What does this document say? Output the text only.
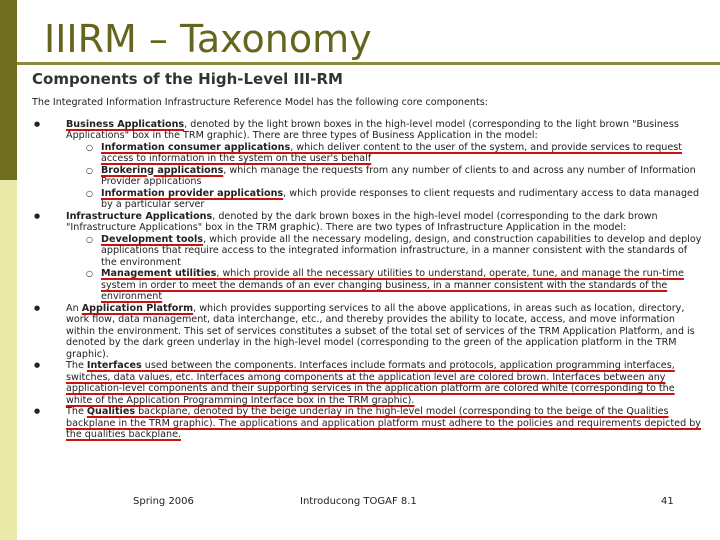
IIIRM – Taxonomy
Components of the High-Level III-RM
The Integrated Information Infrastructure Reference Model has the following core components:
● Business Applications, denoted by the light brown boxes in the high-level model (corresponding to the light brown "Business Applications" box in the TRM graphic). There are three types of Business Application in the model:
○ Information consumer applications, which deliver content to the user of the system, and provide services to request access to information in the system on the user's behalf
○ Brokering applications, which manage the requests from any number of clients to and across any number of Information Provider applications
○ Information provider applications, which provide responses to client requests and rudimentary access to data managed by a particular server
● Infrastructure Applications, denoted by the dark brown boxes in the high-level model (corresponding to the dark brown "Infrastructure Applications" box in the TRM graphic). There are two types of Infrastructure Application in the model:
○ Development tools, which provide all the necessary modeling, design, and construction capabilities to develop and deploy applications that require access to the integrated information infrastructure, in a manner consistent with the standards of the environment
○ Management utilities, which provide all the necessary utilities to understand, operate, tune, and manage the run-time system in order to meet the demands of an ever changing business, in a manner consistent with the standards of the environment
● An Application Platform, which provides supporting services to all the above applications, in areas such as location, directory, work flow, data management, data interchange, etc., and thereby provides the ability to locate, access, and move information within the environment. This set of services constitutes a subset of the total set of services of the TRM Application Platform, and is denoted by the dark green underlay in the high-level model (corresponding to the green of the application platform in the TRM graphic).
● The Interfaces used between the components. Interfaces include formats and protocols, application programming interfaces, switches, data values, etc. Interfaces among components at the application level are colored brown. Interfaces between any application-level components and their supporting services in the application platform are colored white (corresponding to the white of the Application Programming Interface box in the TRM graphic).
● The Qualities backplane, denoted by the beige underlay in the high-level model (corresponding to the beige of the Qualities backplane in the TRM graphic). The applications and application platform must adhere to the policies and requirements depicted by the qualities backplane.
Spring 2006	Introducong TOGAF 8.1	41
